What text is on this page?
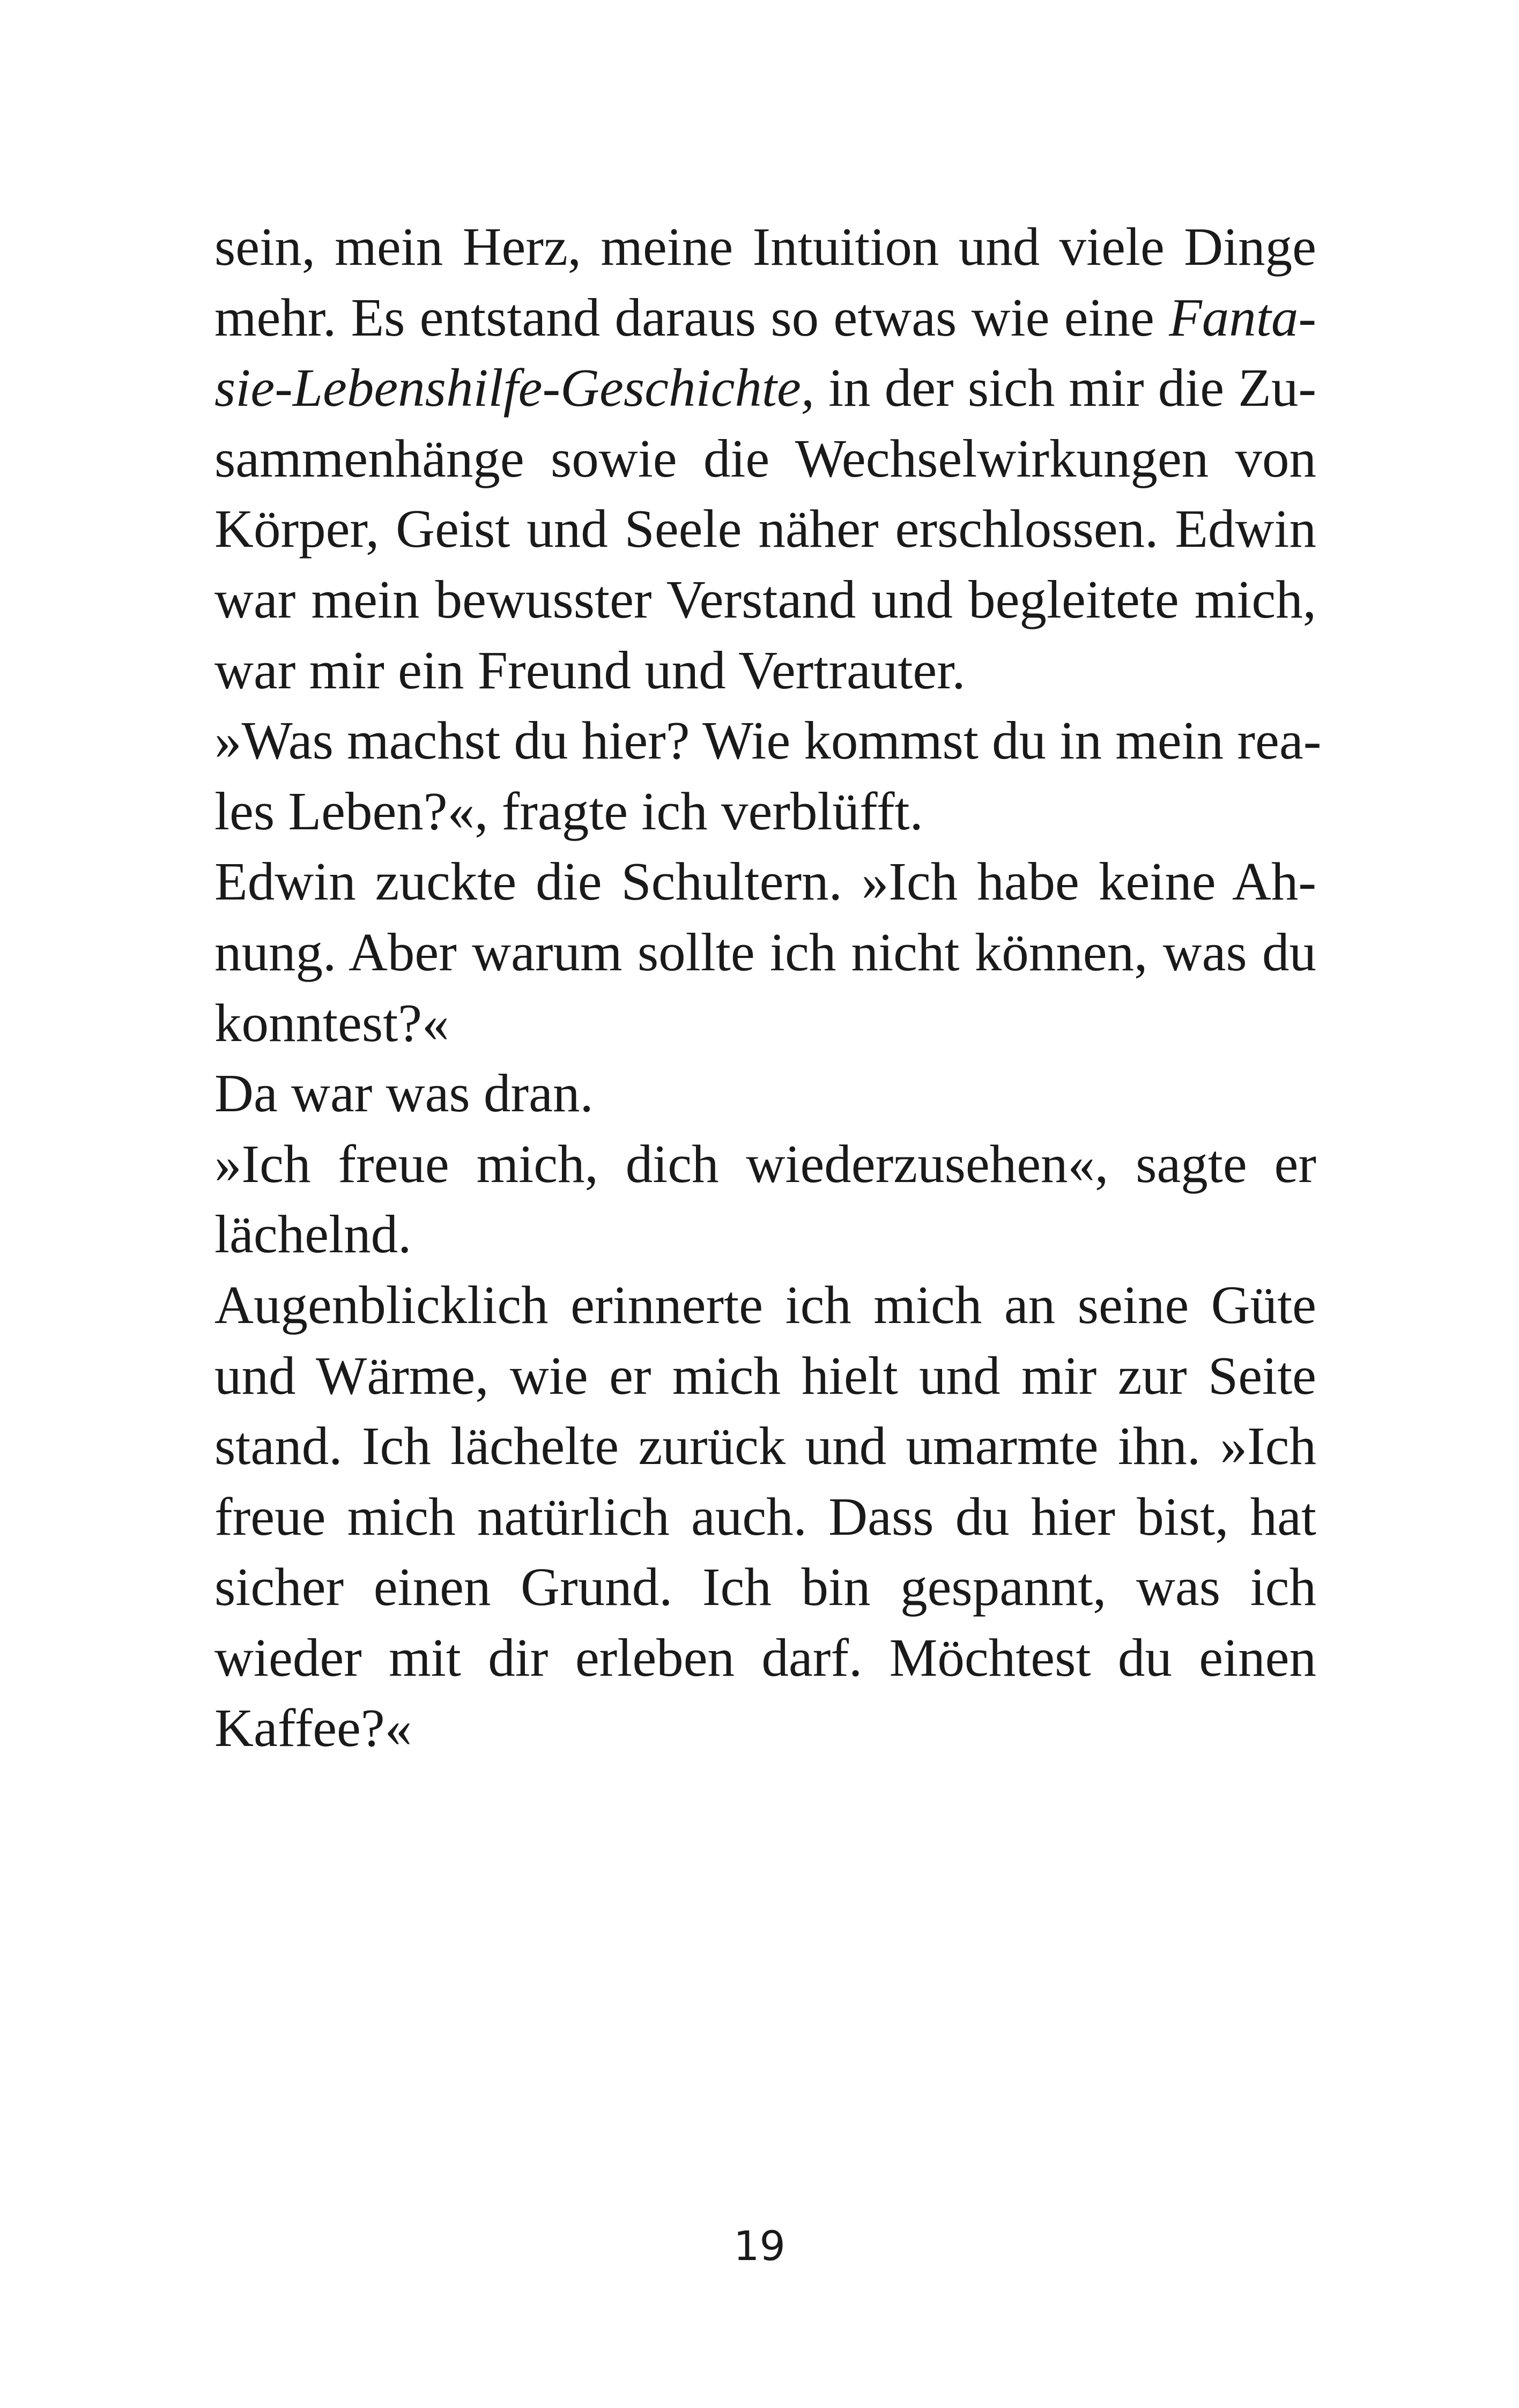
sein, mein Herz, meine Intuition und viele Dinge
mehr. Es entstand daraus so etwas wie eine Fanta-
sie-Lebenshilfe-Geschichte, in der sich mir die Zu-
sammenhänge sowie die Wechselwirkungen von
Körper, Geist und Seele näher erschlossen. Edwin
war mein bewusster Verstand und begleitete mich,
war mir ein Freund und Vertrauter.
»Was machst du hier? Wie kommst du in mein rea-
les Leben?«, fragte ich verblüfft.
Edwin zuckte die Schultern. »Ich habe keine Ah-
nung. Aber warum sollte ich nicht können, was du
konntest?«
Da war was dran.
»Ich freue mich, dich wiederzusehen«, sagte er
lächelnd.
Augenblicklich erinnerte ich mich an seine Güte
und Wärme, wie er mich hielt und mir zur Seite
stand. Ich lächelte zurück und umarmte ihn. »Ich
freue mich natürlich auch. Dass du hier bist, hat
sicher einen Grund. Ich bin gespannt, was ich
wieder mit dir erleben darf. Möchtest du einen
Kaffee?«
19
